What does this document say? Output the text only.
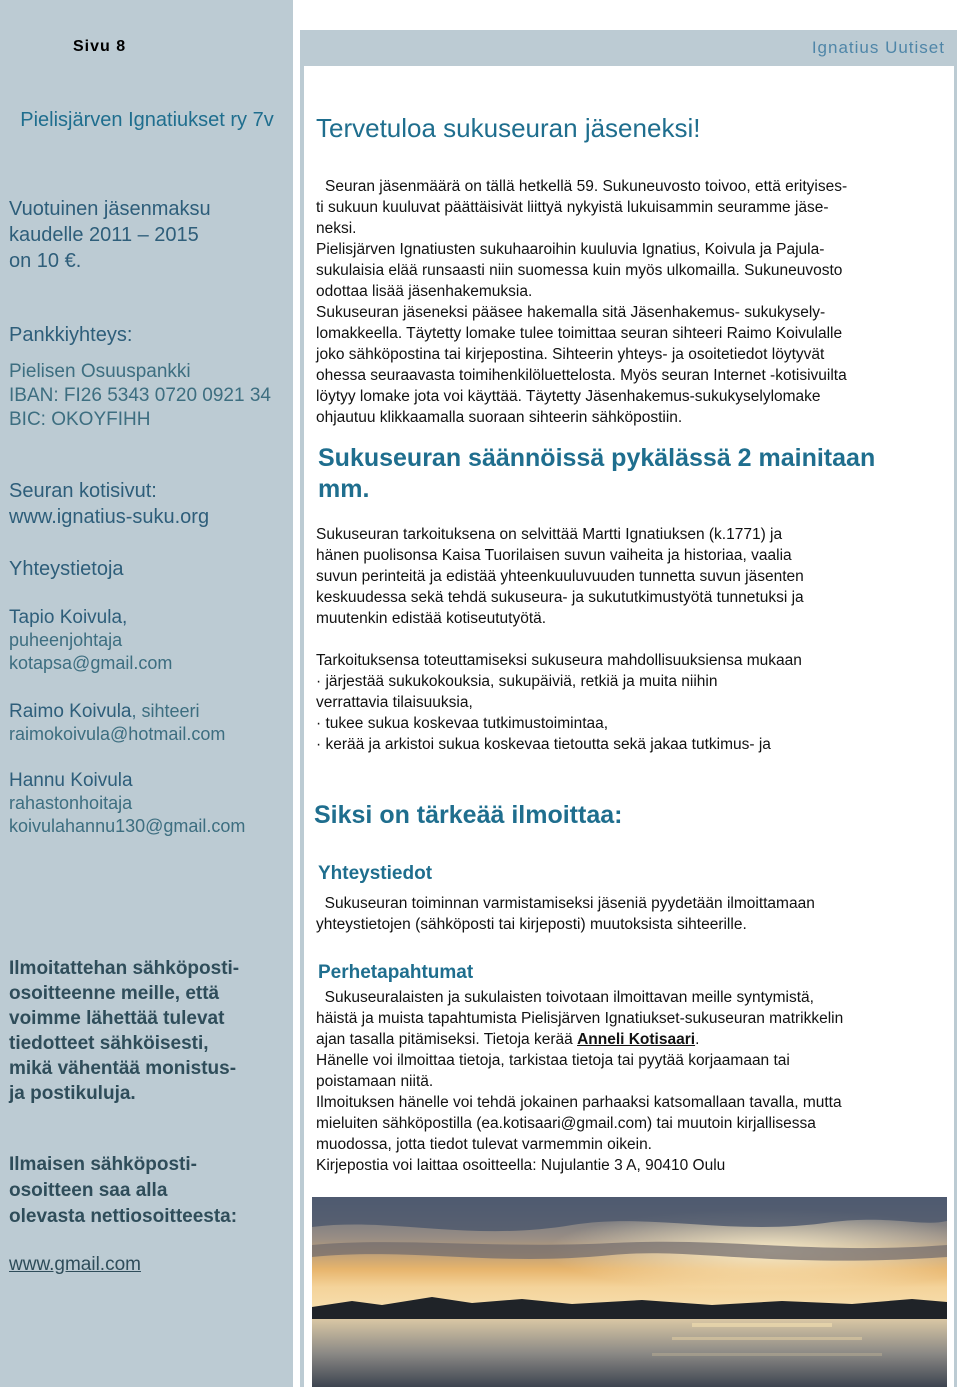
Sivu 8
Pielisjärven Ignatiukset ry 7v
Vuotuinen jäsenmaksu
kaudelle 2011 – 2015
on 10 €.
Pankkiyhteys:
Pielisen Osuuspankki
IBAN: FI26 5343 0720 0921 34
BIC: OKOYFIHH
Seuran kotisivut:
www.ignatius-suku.org
Yhteystietoja
Tapio Koivula,
puheenjohtaja
kotapsa@gmail.com
Raimo Koivula, sihteeri
raimokoivula@hotmail.com
Hannu Koivula
rahastonhoitaja
koivulahannu130@gmail.com
Ilmoitattehan sähköposti-
osoitteenne meille, että
voimme lähettää tulevat
tiedotteet sähköisesti,
mikä vähentää monistus-
ja postikuluja.
Ilmaisen sähköposti-
osoitteen saa alla
olevasta nettiosoitteesta:
www.gmail.com
Ignatius Uutiset
Tervetuloa sukuseuran jäseneksi!

Seuran jäsenmäärä on tällä hetkellä 59. Sukuneuvosto toivoo, että erityises-

ti sukuun kuuluvat päättäisivät liittyä nykyistä lukuisammin seuramme jäse-

neksi.

Pielisjärven Ignatiusten sukuhaaroihin kuuluvia Ignatius, Koivula ja Pajula-

sukulaisia elää runsaasti niin suomessa kuin myös ulkomailla. Sukuneuvosto

odottaa lisää jäsenhakemuksia.

Sukuseuran jäseneksi pääsee hakemalla sitä Jäsenhakemus- sukukysely-

lomakkeella. Täytetty lomake tulee toimittaa seuran sihteeri Raimo Koivulalle

joko sähköpostina tai kirjepostina. Sihteerin yhteys- ja osoitetiedot löytyvät

ohessa seuraavasta toimihenkilöluettelosta. Myös seuran Internet -kotisivuilta

löytyy lomake jota voi käyttää. Täytetty Jäsenhakemus-sukukyselylomake

ohjautuu klikkaamalla suoraan sihteerin sähköpostiin.

Sukuseuran säännöissä pykälässä 2 mainitaan
mm.

Sukuseuran tarkoituksena on selvittää Martti Ignatiuksen (k.1771) ja

hänen puolisonsa Kaisa Tuorilaisen suvun vaiheita ja historiaa, vaalia

suvun perinteitä ja edistää yhteenkuuluvuuden tunnetta suvun jäsenten

keskuudessa sekä tehdä sukuseura- ja sukututkimustyötä tunnetuksi ja

muutenkin edistää kotiseututyötä.

Tarkoituksensa toteuttamiseksi sukuseura mahdollisuuksiensa mukaan

· järjestää sukukokouksia, sukupäiviä, retkiä ja muita niihin

verrattavia tilaisuuksia,

· tukee sukua koskevaa tutkimustoimintaa,

· kerää ja arkistoi sukua koskevaa tietoutta sekä jakaa tutkimus- ja

Siksi on tärkeää ilmoittaa:
Yhteystiedot

Sukuseuran toiminnan varmistamiseksi jäseniä pyydetään ilmoittamaan

yhteystietojen (sähköposti tai kirjeposti) muutoksista sihteerille.

Perhetapahtumat

Sukuseuralaisten ja sukulaisten toivotaan ilmoittavan meille syntymistä,

häistä ja muista tapahtumista Pielisjärven Ignatiukset-sukuseuran matrikkelin

ajan tasalla pitämiseksi. Tietoja kerää Anneli Kotisaari.

Hänelle voi ilmoittaa tietoja, tarkistaa tietoja tai pyytää korjaamaan tai

poistamaan niitä.

Ilmoituksen hänelle voi tehdä jokainen parhaaksi katsomallaan tavalla, mutta

mieluiten sähköpostilla (ea.kotisaari@gmail.com) tai muutoin kirjallisessa

muodossa, jotta tiedot tulevat varmemmin oikein.

Kirjepostia voi laittaa osoitteella: Nujulantie 3 A, 90410 Oulu
